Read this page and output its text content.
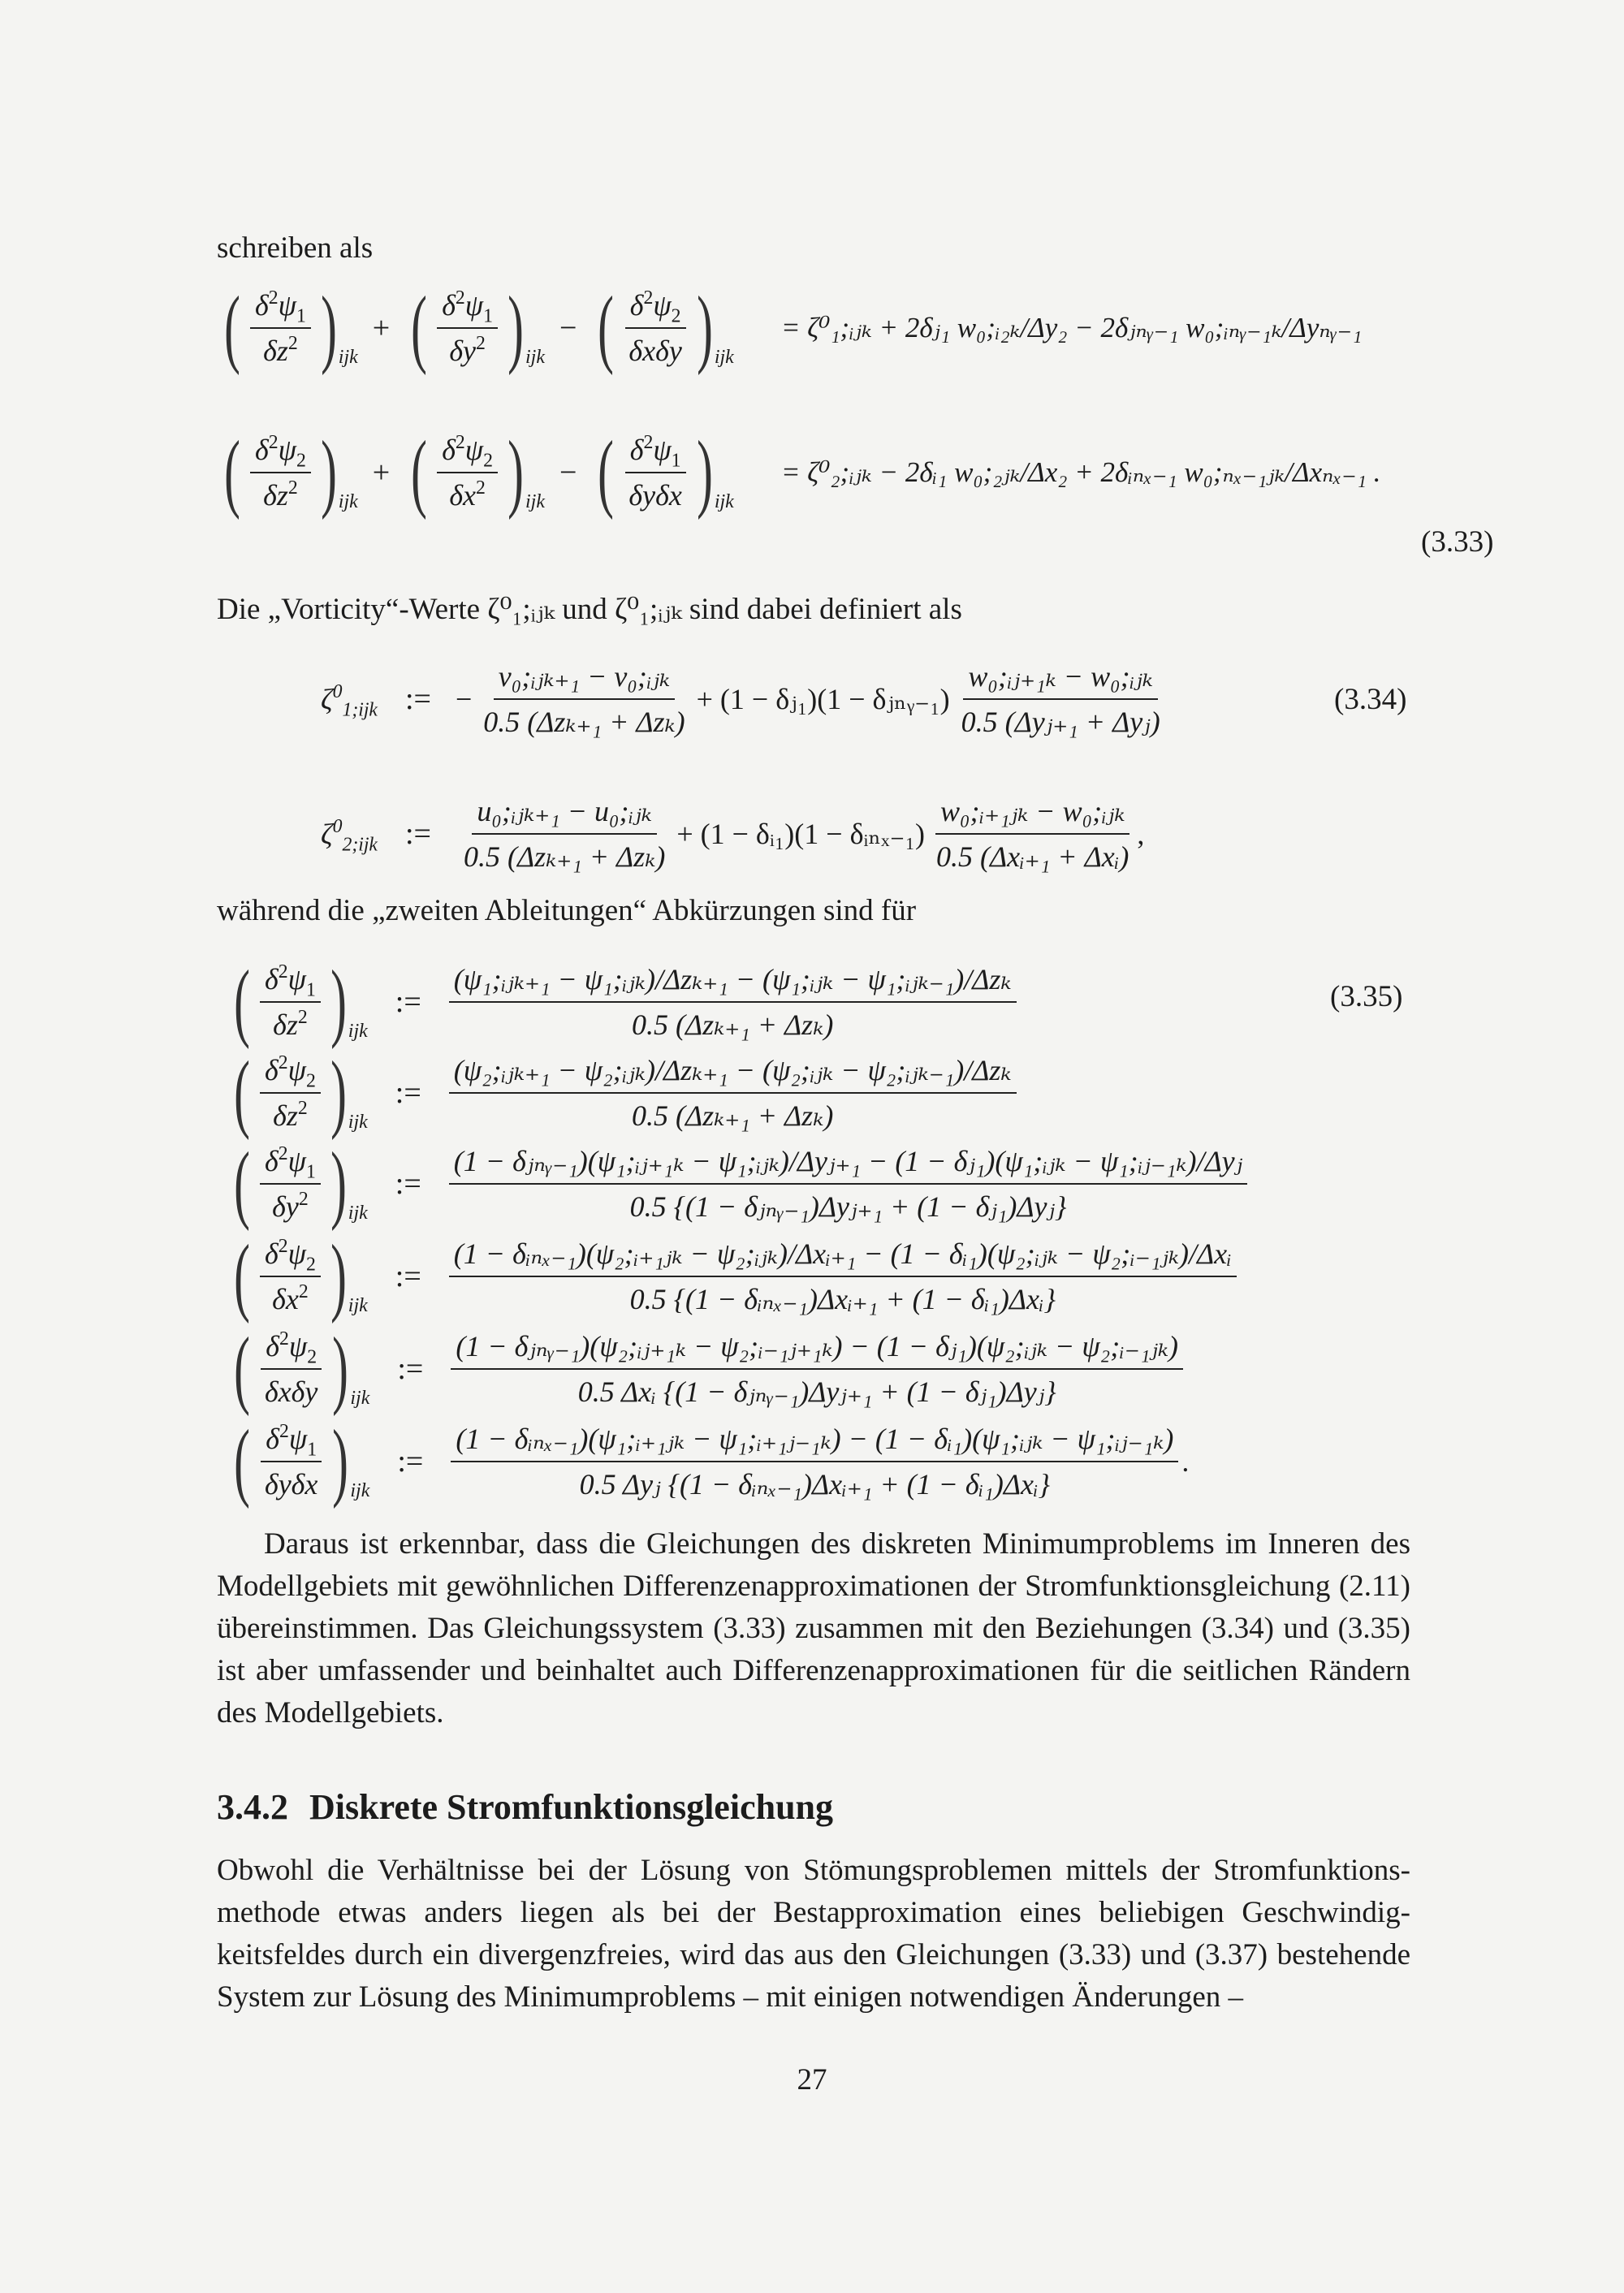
schreiben als
( $\frac{\delta^2\psi_1}{\delta z^2}$ ) ijk
+ ( $\frac{\delta^2\psi_1}{\delta y^2}$ ) ijk
− ( $\frac{\delta^2\psi_2}{\text{δxδy}}$ ) ijk
= ζ⁰₁;ᵢⱼₖ + 2δⱼ₁ w₀;ᵢ₂ₖ/Δy₂ − 2δⱼₙᵧ₋₁ w₀;ᵢₙᵧ₋₁ₖ/Δyₙᵧ₋₁
( $\frac{\delta^2\psi_2}{\delta z^2}$ ) ijk
+ ( $\frac{\delta^2\psi_2}{\delta x^2}$ ) ijk
− ( $\frac{\delta^2\psi_1}{\text{δyδx}}$ ) ijk
= ζ⁰₂;ᵢⱼₖ − 2δᵢ₁ w₀;₂ⱼₖ/Δx₂ + 2δᵢₙₓ₋₁ w₀;ₙₓ₋₁ⱼₖ/Δxₙₓ₋₁ .
(3.33)
Die „Vorticity“-Werte ζ⁰₁;ᵢⱼₖ und ζ⁰₁;ᵢⱼₖ sind dabei definiert als
$\zeta^0_{1;ijk}$ := − $\frac{\text{v₀;ᵢⱼₖ₊₁ − v₀;ᵢⱼₖ}}{\text{0.5 (Δzₖ₊₁ + Δzₖ)}} + (1$ − δⱼ₁)(1 − δⱼₙᵧ₋₁) $\frac{\text{w₀;ᵢⱼ₊₁ₖ − w₀;ᵢⱼₖ}}{\text{0.5 (Δyⱼ₊₁ + Δyⱼ)}}$	(3.34)
$\zeta^0_{2;ijk}$ := $\frac{\text{u₀;ᵢⱼₖ₊₁ − u₀;ᵢⱼₖ}}{\text{0.5 (Δzₖ₊₁ + Δzₖ)}} + (1$ − δᵢ₁)(1 − δᵢₙₓ₋₁) $\frac{\text{w₀;ᵢ₊₁ⱼₖ − w₀;ᵢⱼₖ}}{\text{0.5 (Δxᵢ₊₁ + Δxᵢ)}}$ ,
während die „zweiten Ableitungen“ Abkürzungen sind für
( $\frac{\delta^2\psi_1}{\delta z^2}$ ) ijk
:= $\frac{\text{(ψ₁;ᵢⱼₖ₊₁ − ψ₁;ᵢⱼₖ)/Δzₖ₊₁ − (ψ₁;ᵢⱼₖ − ψ₁;ᵢⱼₖ₋₁)/Δzₖ}}{\text{0.5 (Δzₖ₊₁ + Δzₖ)}}$	(3.35)
( $\frac{\delta^2\psi_2}{\delta z^2}$ ) ijk
:= $\frac{\text{(ψ₂;ᵢⱼₖ₊₁ − ψ₂;ᵢⱼₖ)/Δzₖ₊₁ − (ψ₂;ᵢⱼₖ − ψ₂;ᵢⱼₖ₋₁)/Δzₖ}}{\text{0.5 (Δzₖ₊₁ + Δzₖ)}}$
( $\frac{\delta^2\psi_1}{\delta y^2}$ ) ijk
:=
(1 − δⱼₙᵧ₋₁)(ψ₁;ᵢⱼ₊₁ₖ − ψ₁;ᵢⱼₖ)/Δyⱼ₊₁ − (1 − δⱼ₁)(ψ₁;ᵢⱼₖ − ψ₁;ᵢⱼ₋₁ₖ)/Δyⱼ
0.5 {(1 − δⱼₙᵧ₋₁)Δyⱼ₊₁ + (1 − δⱼ₁)Δyⱼ}
( $\frac{\delta^2\psi_2}{\delta x^2}$ ) ijk
:=
(1 − δᵢₙₓ₋₁)(ψ₂;ᵢ₊₁ⱼₖ − ψ₂;ᵢⱼₖ)/Δxᵢ₊₁ − (1 − δᵢ₁)(ψ₂;ᵢⱼₖ − ψ₂;ᵢ₋₁ⱼₖ)/Δxᵢ
0.5 {(1 − δᵢₙₓ₋₁)Δxᵢ₊₁ + (1 − δᵢ₁)Δxᵢ}
( $\frac{\delta^2\psi_2}{\text{δxδy}}$ ) ijk
:=
(1 − δⱼₙᵧ₋₁)(ψ₂;ᵢⱼ₊₁ₖ − ψ₂;ᵢ₋₁ⱼ₊₁ₖ) − (1 − δⱼ₁)(ψ₂;ᵢⱼₖ − ψ₂;ᵢ₋₁ⱼₖ)
0.5 Δxᵢ {(1 − δⱼₙᵧ₋₁)Δyⱼ₊₁ + (1 − δⱼ₁)Δyⱼ}
( $\frac{\delta^2\psi_1}{\text{δyδx}}$ ) ijk
:=
(1 − δᵢₙₓ₋₁)(ψ₁;ᵢ₊₁ⱼₖ − ψ₁;ᵢ₊₁ⱼ₋₁ₖ) − (1 − δᵢ₁)(ψ₁;ᵢⱼₖ − ψ₁;ᵢⱼ₋₁ₖ)
0.5 Δyⱼ {(1 − δᵢₙₓ₋₁)Δxᵢ₊₁ + (1 − δᵢ₁)Δxᵢ}
.

Daraus ist erkennbar, dass die Gleichungen des diskreten Minimumproblems im Inneren des Modellgebiets mit gewöhnlichen Differenzenapproximationen der Stromfunktionsgleichung (2.11) übereinstimmen. Das Gleichungssystem (3.33) zusammen mit den Beziehungen (3.34) und (3.35) ist aber umfassender und beinhaltet auch Differenzenapproximationen für die seitlichen Rändern des Modellgebiets.

3.4.2 Diskrete Stromfunktionsgleichung

Obwohl die Verhältnisse bei der Lösung von Stömungsproblemen mittels der Stromfunktionsmethode etwas anders liegen als bei der Bestapproximation eines beliebigen Geschwindigkeitsfeldes durch ein divergenzfreies, wird das aus den Gleichungen (3.33) und (3.37) bestehende System zur Lösung des Minimumproblems – mit einigen notwendigen Änderungen –

27
